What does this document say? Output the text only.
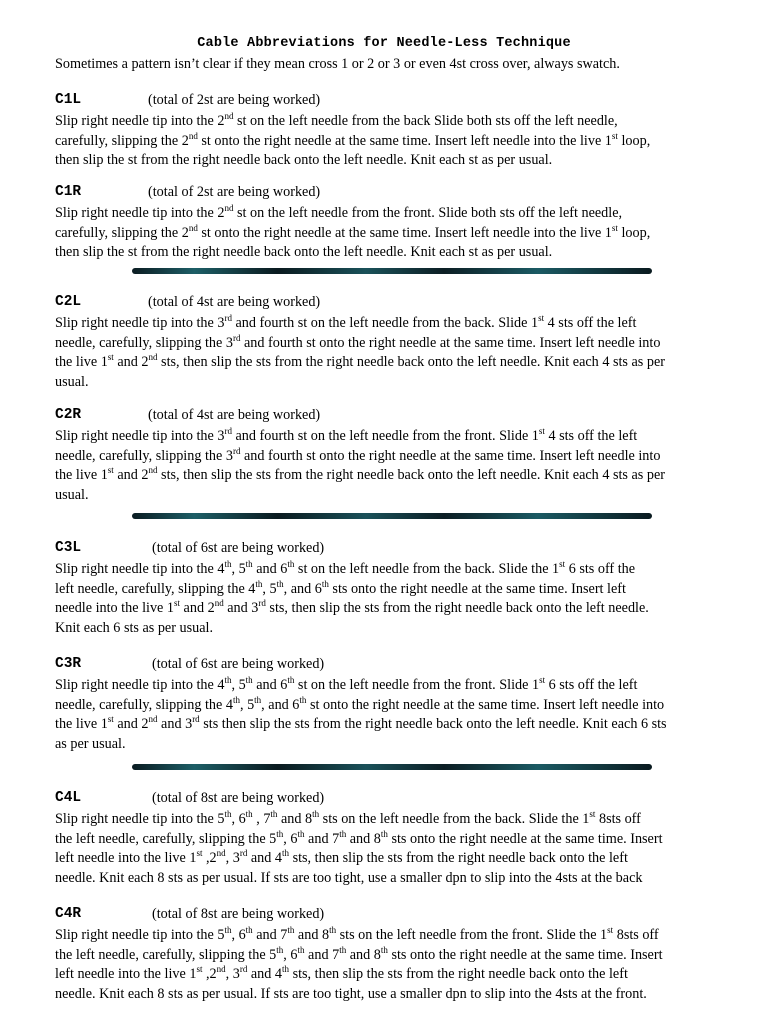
Cable Abbreviations for Needle-Less Technique
Sometimes a pattern isn’t clear if they mean cross 1 or 2 or 3 or even 4st cross over, always swatch.
C1L	(total of 2st are being worked)
Slip right needle tip into the 2nd st on the left needle from the back Slide both sts off the left needle,
carefully, slipping the 2nd st onto the right needle at the same time. Insert left needle into the live 1st loop,
then slip the st from the right needle back onto the left needle. Knit each st as per usual.
C1R	(total of 2st are being worked)
Slip right needle tip into the 2nd st on the left needle from the front. Slide both sts off the left needle,
carefully, slipping the 2nd st onto the right needle at the same time. Insert left needle into the live 1st loop,
then slip the st from the right needle back onto the left needle. Knit each st as per usual.
C2L	(total of 4st are being worked)
Slip right needle tip into the 3rd and fourth st on the left needle from the back. Slide 1st 4 sts off the left
needle, carefully, slipping the 3rd and fourth st onto the right needle at the same time. Insert left needle into
the live 1st and 2nd sts, then slip the sts from the right needle back onto the left needle. Knit each 4 sts as per
usual.
C2R	(total of 4st are being worked)
Slip right needle tip into the 3rd and fourth st on the left needle from the front. Slide 1st 4 sts off the left
needle, carefully, slipping the 3rd and fourth st onto the right needle at the same time. Insert left needle into
the live 1st and 2nd sts, then slip the sts from the right needle back onto the left needle. Knit each 4 sts as per
usual.
C3L	(total of 6st are being worked)
Slip right needle tip into the 4th, 5th and 6th st on the left needle from the back. Slide the 1st 6 sts off the
left needle, carefully, slipping the 4th, 5th, and 6th sts onto the right needle at the same time. Insert left
needle into the live 1st and 2nd and 3rd sts, then slip the sts from the right needle back onto the left needle.
Knit each 6 sts as per usual.
C3R	(total of 6st are being worked)
Slip right needle tip into the 4th, 5th and 6th st on the left needle from the front. Slide 1st 6 sts off the left
needle, carefully, slipping the 4th, 5th, and 6th st onto the right needle at the same time. Insert left needle into
the live 1st and 2nd and 3rd sts then slip the sts from the right needle back onto the left needle. Knit each 6 sts
as per usual.
C4L	(total of 8st are being worked)
Slip right needle tip into the 5th, 6th , 7th and 8th sts on the left needle from the back. Slide the 1st 8sts off
the left needle, carefully, slipping the 5th, 6th and 7th and 8th sts onto the right needle at the same time. Insert
left needle into the live 1st ,2nd, 3rd and 4th sts, then slip the sts from the right needle back onto the left
needle. Knit each 8 sts as per usual. If sts are too tight, use a smaller dpn to slip into the 4sts at the back
C4R	(total of 8st are being worked)
Slip right needle tip into the 5th, 6th and 7th and 8th sts on the left needle from the front. Slide the 1st 8sts off
the left needle, carefully, slipping the 5th, 6th and 7th and 8th sts onto the right needle at the same time. Insert
left needle into the live 1st ,2nd, 3rd and 4th sts, then slip the sts from the right needle back onto the left
needle. Knit each 8 sts as per usual. If sts are too tight, use a smaller dpn to slip into the 4sts at the front.
